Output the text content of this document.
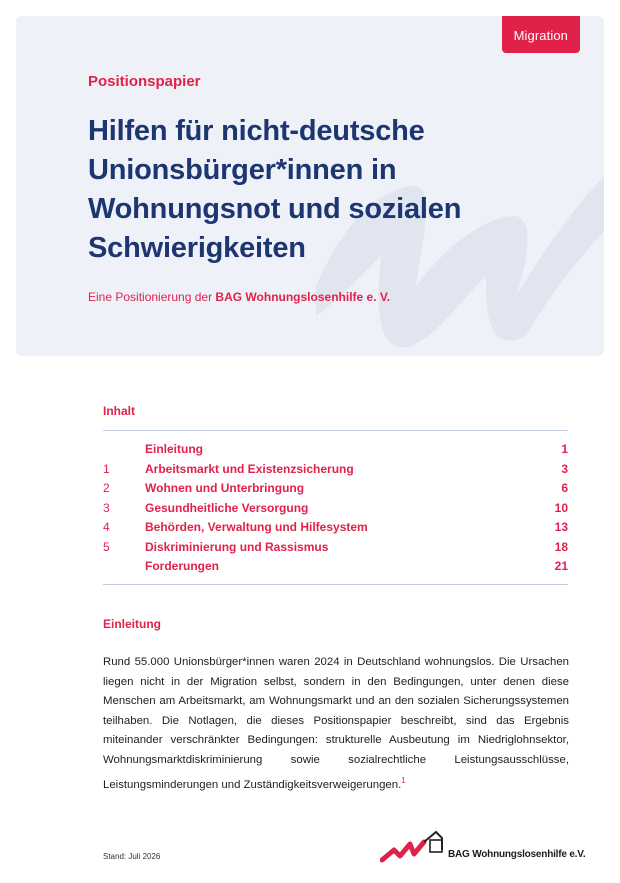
Migration
Positionspapier
Hilfen für nicht-deutsche Unionsbürger*innen in Wohnungsnot und sozialen Schwierigkeiten
Eine Positionierung der BAG Wohnungslosenhilfe e. V.
Inhalt
Einleitung	1
1	Arbeitsmarkt und Existenzsicherung	3
2	Wohnen und Unterbringung	6
3	Gesundheitliche Versorgung	10
4	Behörden, Verwaltung und Hilfesystem	13
5	Diskriminierung und Rassismus	18
Forderungen	21
Einleitung

Rund 55.000 Unionsbürger*innen waren 2024 in Deutschland wohnungslos. Die Ursachen liegen nicht in der Migration selbst, sondern in den Bedingungen, unter denen diese Menschen am Arbeitsmarkt, am Wohnungsmarkt und an den sozialen Sicherungssystemen teilhaben. Die Notlagen, die dieses Positionspapier beschreibt, sind das Ergebnis miteinander verschränkter Bedingungen: strukturelle Ausbeutung im Niedriglohnsektor, Wohnungsmarktdiskriminierung sowie sozialrechtliche Leistungsausschlüsse, Leistungsminderungen und Zuständigkeitsverweigerungen.$^1$

Stand: Juli 2026	BAG Wohnungslosenhilfe e.V.
